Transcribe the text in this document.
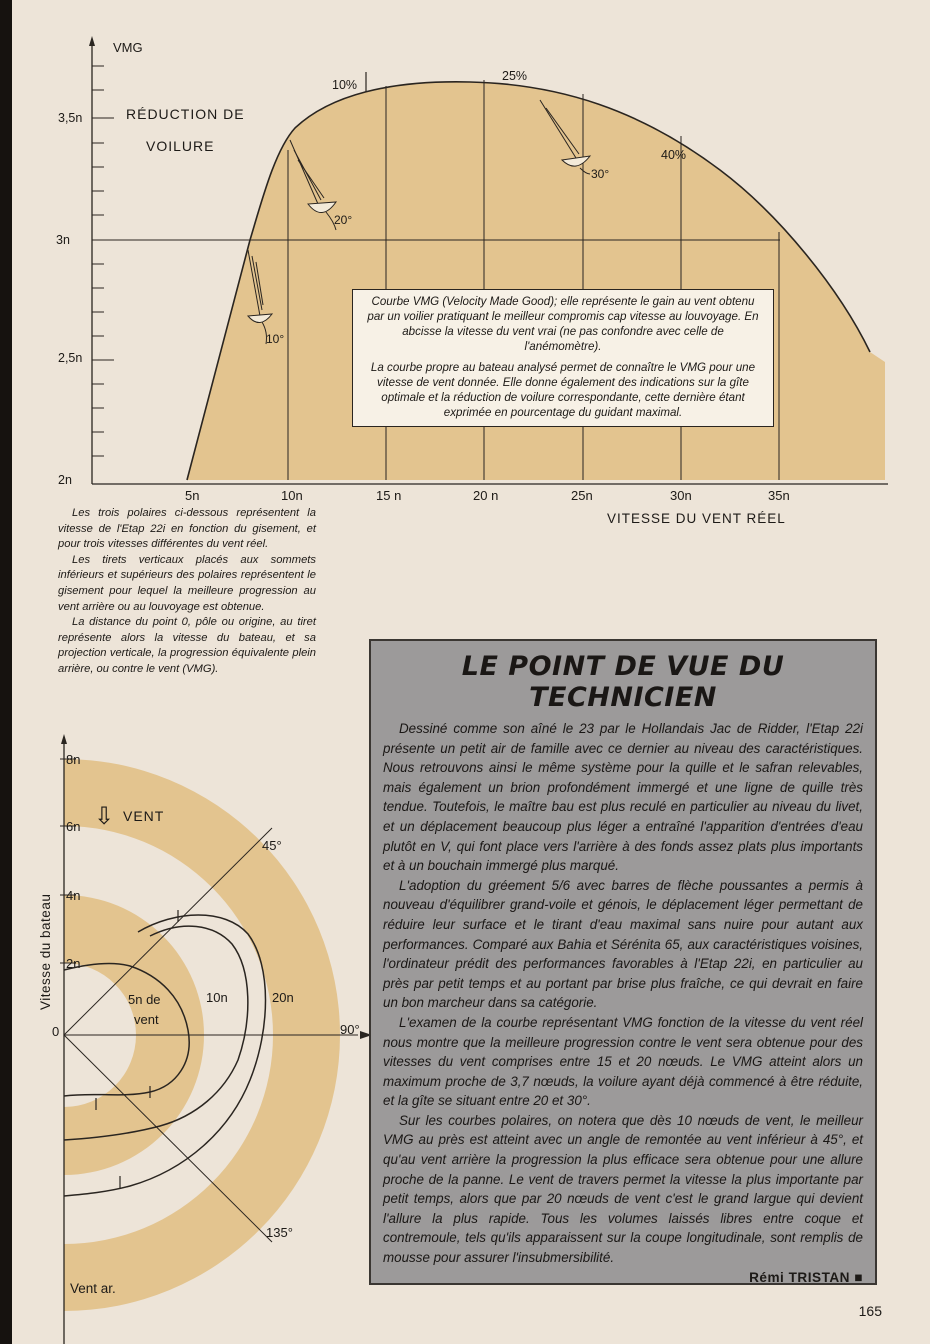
VMG
3,5n
3n
2,5n
2n
RÉDUCTION DE
VOILURE
5n	10n	15 n	20 n	25n	30n	35n
VITESSE DU VENT RÉEL
10%
25%
40%
10°
20°
30°

Courbe VMG (Velocity Made Good); elle représente le gain au vent obtenu par un voilier pratiquant le meilleur compromis cap vitesse au louvoyage. En abcisse la vitesse du vent vrai (ne pas confondre avec celle de l'anémomètre).

La courbe propre au bateau analysé permet de connaître le VMG pour une vitesse de vent donnée. Elle donne également des indications sur la gîte optimale et la réduction de voilure correspondante, cette dernière étant exprimée en pourcentage du guidant maximal.

Les trois polaires ci-dessous représentent la vitesse de l'Etap 22i en fonction du gisement, et pour trois vitesses différentes du vent réel.

Les tirets verticaux placés aux sommets inférieurs et supérieurs des polaires représentent le gisement pour lequel la meilleure progression au vent arrière ou au louvoyage est obtenue.

La distance du point 0, pôle ou origine, au tiret représente alors la vitesse du bateau, et sa projection verticale, la progression équivalente plein arrière, ou contre le vent (VMG).

8n
6n
4n
2n
0
Vitesse du bateau
⇩ VENT
5n de
vent
10n	20n
45°
90°
135°
Vent ar.
LE POINT DE VUE DU TECHNICIEN

Dessiné comme son aîné le 23 par le Hollandais Jac de Ridder, l'Etap 22i présente un petit air de famille avec ce dernier au niveau des caractéristiques. Nous retrouvons ainsi le même système pour la quille et le safran relevables, mais également un brion profondément immergé et une ligne de quille très tendue. Toutefois, le maître bau est plus reculé en particulier au niveau du livet, et un déplacement beaucoup plus léger a entraîné l'apparition d'entrées d'eau plutôt en V, qui font place vers l'arrière à des fonds assez plats plus importants et à un bouchain immergé plus marqué.

L'adoption du gréement 5/6 avec barres de flèche poussantes a permis à nouveau d'équilibrer grand-voile et génois, le déplacement léger permettant de réduire leur surface et le tirant d'eau maximal sans nuire pour autant aux performances. Comparé aux Bahia et Sérénita 65, aux caractéristiques voisines, l'ordinateur prédit des performances favorables à l'Etap 22i, en particulier au près par petit temps et au portant par brise plus fraîche, ce qui devrait en faire un bon marcheur dans sa catégorie.

L'examen de la courbe représentant VMG fonction de la vitesse du vent réel nous montre que la meilleure progression contre le vent sera obtenue pour des vitesses du vent comprises entre 15 et 20 nœuds. Le VMG atteint alors un maximum proche de 3,7 nœuds, la voilure ayant déjà commencé à être réduite, et la gîte se situant entre 20 et 30°.

Sur les courbes polaires, on notera que dès 10 nœuds de vent, le meilleur VMG au près est atteint avec un angle de remontée au vent inférieur à 45°, et qu'au vent arrière la progression la plus efficace sera obtenue pour une allure proche de la panne. Le vent de travers permet la vitesse la plus importante par petit temps, alors que par 20 nœuds de vent c'est le grand largue qui devient l'allure la plus rapide. Tous les volumes laissés libres entre coque et contremoule, tels qu'ils apparaissent sur la coupe longitudinale, sont remplis de mousse pour assurer l'insubmersibilité.

Rémi TRISTAN ■
165
